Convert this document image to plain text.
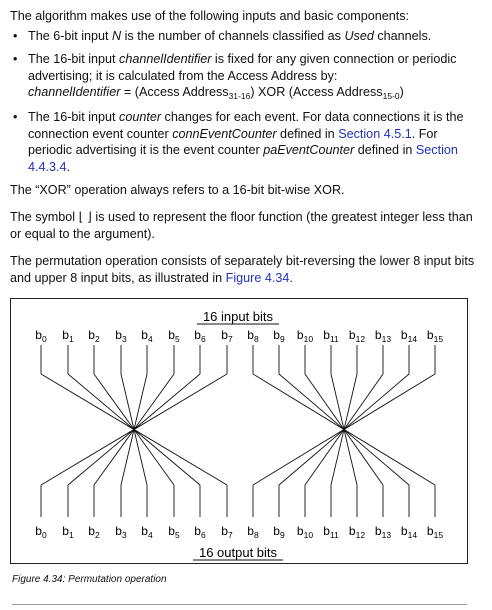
The algorithm makes use of the following inputs and basic components:

• The 6-bit input N is the number of channels classified as Used channels.

• The 16-bit input channelIdentifier is fixed for any given connection or periodic advertising; it is calculated from the Access Address by:
channelIdentifier = (Access Address$_{31-16}$) XOR (Access Address$_{15-0}$)

• The 16-bit input counter changes for each event. For data connections it is the connection event counter connEventCounter defined in Section 4.5.1. For periodic advertising it is the event counter paEventCounter defined in Section 4.4.3.4.

The “XOR” operation always refers to a 16-bit bit-wise XOR.

The symbol ⌊ ⌋ is used to represent the floor function (the greatest integer less than or equal to the argument).

The permutation operation consists of separately bit-reversing the lower 8 input bits and upper 8 input bits, as illustrated in Figure 4.34.

16 input bits
$b_0$ $b_1$ $b_2$ $b_3$ $b_4$ $b_5$ $b_6$ $b_7$ $b_8$ $b_9$ $b_{10}$ $b_{11}$ $b_{12}$ $b_{13}$ $b_{14}$ $b_{15}$
$b_0$ $b_1$ $b_2$ $b_3$ $b_4$ $b_5$ $b_6$ $b_7$ $b_8$ $b_9$ $b_{10}$ $b_{11}$ $b_{12}$ $b_{13}$ $b_{14}$ $b_{15}$
16 output bits
Figure 4.34: Permutation operation
